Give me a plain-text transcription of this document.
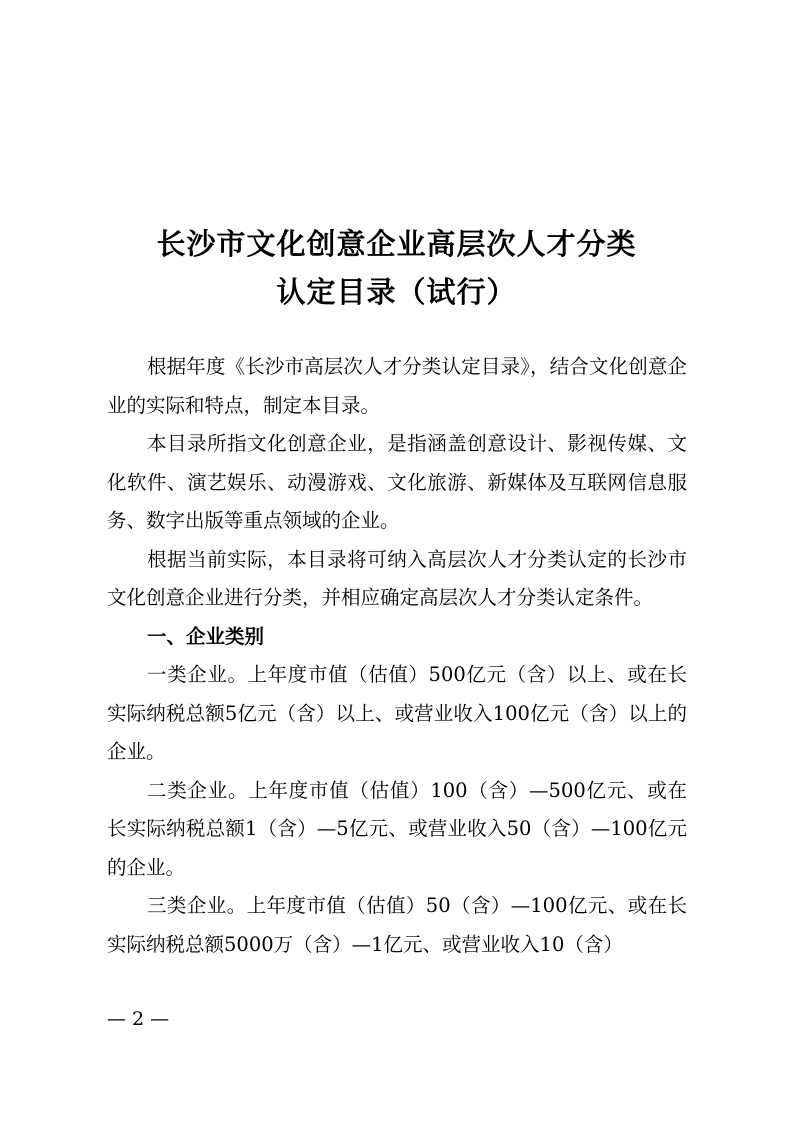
长沙市文化创意企业高层次人才分类
认定目录（试行）

根据年度《长沙市高层次人才分类认定目录》，结合文化创意企业的实际和特点，制定本目录。

本目录所指文化创意企业，是指涵盖创意设计、影视传媒、文化软件、演艺娱乐、动漫游戏、文化旅游、新媒体及互联网信息服务、数字出版等重点领域的企业。

根据当前实际，本目录将可纳入高层次人才分类认定的长沙市文化创意企业进行分类，并相应确定高层次人才分类认定条件。

一、企业类别

一类企业。上年度市值（估值）500亿元（含）以上、或在长实际纳税总额5亿元（含）以上、或营业收入100亿元（含）以上的企业。

二类企业。上年度市值（估值）100（含）—500亿元、或在长实际纳税总额1（含）—5亿元、或营业收入50（含）—100亿元的企业。

三类企业。上年度市值（估值）50（含）—100亿元、或在长实际纳税总额5000万（含）—1亿元、或营业收入10（含）

— 2 —
